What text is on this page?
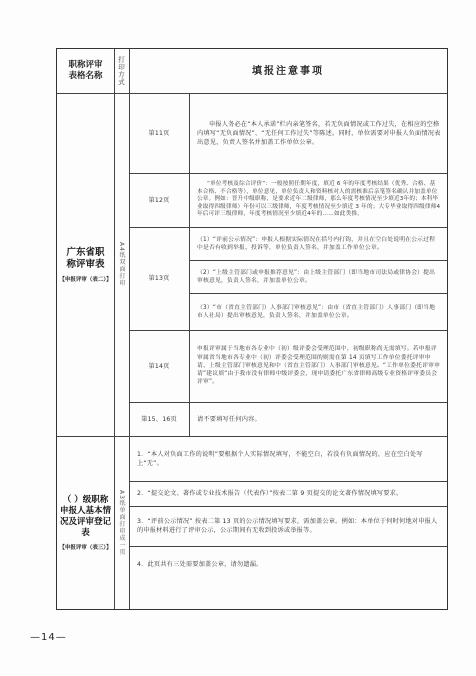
职称评审表格名称	打印方式	填报注意事项
广东省职称评审表
【申报评审（表二）】 A4纸双面打印
第11页
第12页
第13页
第14页
第15、16页
申报人务必在“本人承诺”栏内亲笔签名，若无负面情况或工作过失，在相应的空格内填写“无负面情况”、“无任何工作过失”等陈述。同时，单位需要对申报人负面情况表出意见，负责人签名并加盖工作单位公章。
“单位考核及综合评价”：一般按照任期年度，填近 6 年的年度考核结果（优秀、合格、基本合格、不合格等），单位意见，单位负责人和资料核对人的需核准后亲笔签名确认并加盖单位公章。例如：晋升中级职称，是要求近年二级律师，那么年度考核情况至少填近3年的；本科毕业取得四级律师）年份可以三级律师，年度考核情况至少填近 3 年的；大专毕业取得四级律师4年后可评三级律师，年度考核情况至少填近4年的……如此类推。
（1）“评前公示情况”：申报人根据实际情况在括号内打钩，并且在空白处说明在公示过程中是否有收到举报、投诉等，单位负责人签名，并加盖工作单位公章。
（2）“上级主管部门或申报推荐意见”：由上级主管部门（即当地市司法局或律协会）提出审核意见，负责人签名，并加盖单位公章。
（3）“市（省直主管部门）人事部门审核意见”：由市（省直主管部门）人事部门（即当地市人社局）提出审核意见，负责人签名，并加盖单位公章。
申报评审属于当地市各专业中（初）级评委会受理范围中，初级职称尚无需填写。若申报评审属省当地市各专业中（初）评委会受理范围的则需在第 14 页填写工作单位委托评审申请、上级主管部门审核意见和中（省直主管部门）人事部门审核意见。“工作单位委托评审申请”建议填“由于我市没有律师中级评委会，现申请委托广东省律师高级专业资格评审委员会评审”。
请不要填写任何内容。
（ ）级职称申报人基本情况及评审登记表
【申报评审（表三）】 A3纸单面打印成一页
1．“本人对负面工作的说明”要根据个人实际情况填写，不能空白，若没有负面情况的，应在空白处写上“无”。
2．“提交论文、著作或专业技术报告（代表作）”按表二第 9 页提交的论文著作情况填写要求。
3．“评前公示情况” 按表二第 13 页的公示情况填写要求，需加盖公章。例如：本单位于何时何地对申报人的申报材料进行了评审公示，公示期间有无收到投诉或举报等。
4．此页共有三处需要加盖公章，请勿遗漏。
—14—
